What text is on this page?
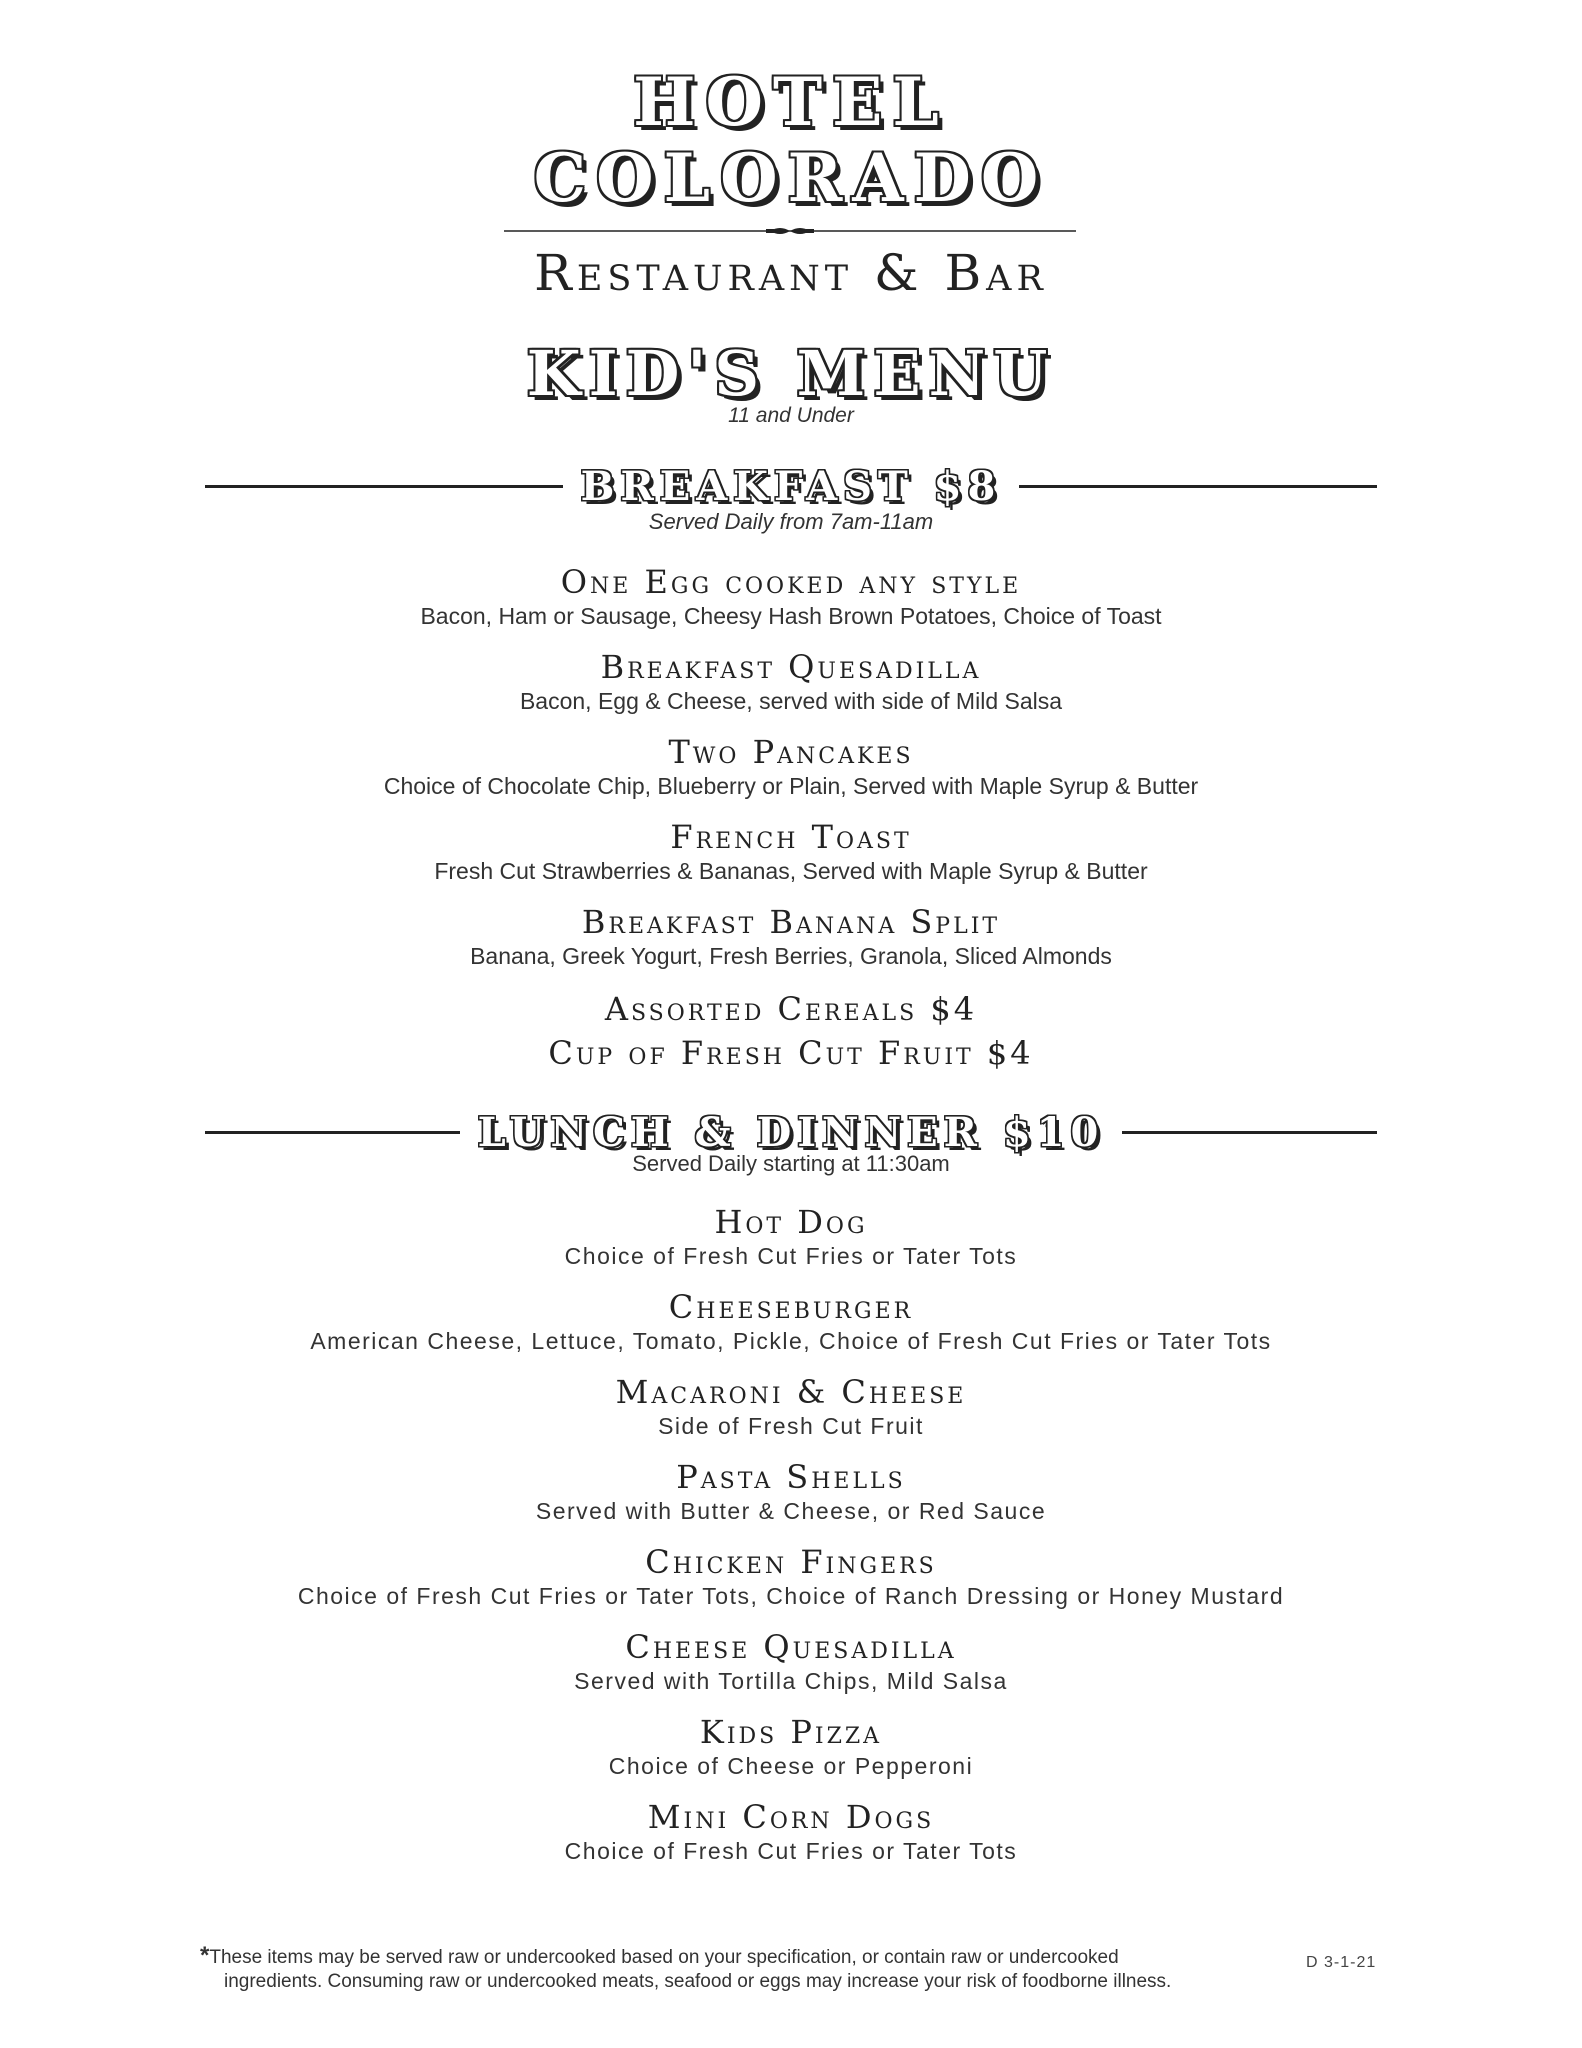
HOTEL
COLORADO
Restaurant & Bar
KID'S MENU
11 and Under
BREAKFAST $8
Served Daily from 7am-11am
One Egg cooked any style
Bacon, Ham or Sausage, Cheesy Hash Brown Potatoes, Choice of Toast
Breakfast Quesadilla
Bacon, Egg & Cheese, served with side of Mild Salsa
Two Pancakes
Choice of Chocolate Chip, Blueberry or Plain, Served with Maple Syrup & Butter
French Toast
Fresh Cut Strawberries & Bananas, Served with Maple Syrup & Butter
Breakfast Banana Split
Banana, Greek Yogurt, Fresh Berries, Granola, Sliced Almonds
Assorted Cereals $4
Cup of Fresh Cut Fruit $4
LUNCH & DINNER $10
Served Daily starting at 11:30am
Hot Dog
Choice of Fresh Cut Fries or Tater Tots
Cheeseburger
American Cheese, Lettuce, Tomato, Pickle, Choice of Fresh Cut Fries or Tater Tots
Macaroni & Cheese
Side of Fresh Cut Fruit
Pasta Shells
Served with Butter & Cheese, or Red Sauce
Chicken Fingers
Choice of Fresh Cut Fries or Tater Tots, Choice of Ranch Dressing or Honey Mustard
Cheese Quesadilla
Served with Tortilla Chips, Mild Salsa
Kids Pizza
Choice of Cheese or Pepperoni
Mini Corn Dogs
Choice of Fresh Cut Fries or Tater Tots
*These items may be served raw or undercooked based on your specification, or contain raw or undercooked
ingredients. Consuming raw or undercooked meats, seafood or eggs may increase your risk of foodborne illness.
D 3-1-21
